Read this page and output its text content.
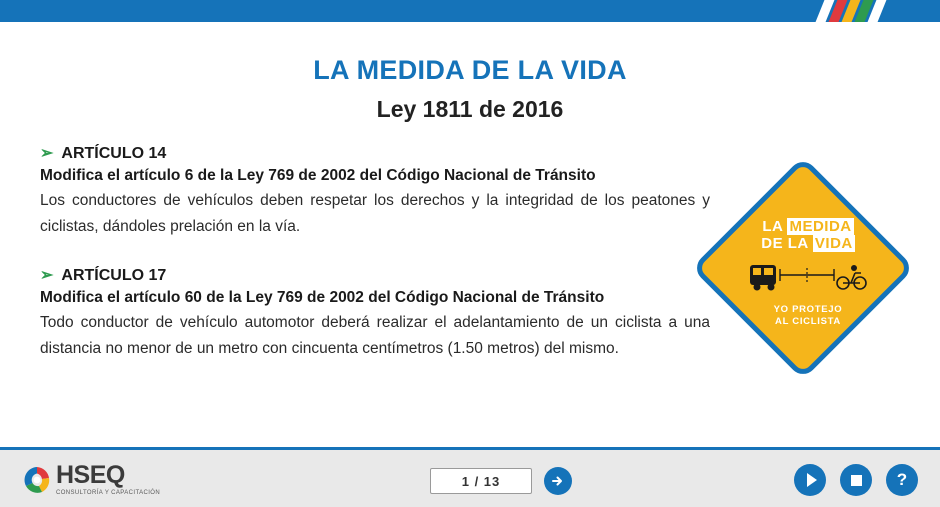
LA MEDIDA DE LA VIDA
Ley 1811 de 2016
➢ ARTÍCULO 14
Modifica el artículo 6 de la Ley 769 de 2002 del Código Nacional de Tránsito
Los conductores de vehículos deben respetar los derechos y la integridad de los peatones y ciclistas, dándoles prelación en la vía.
➢ ARTÍCULO 17
Modifica el artículo 60 de la Ley 769 de 2002 del Código Nacional de Tránsito
Todo conductor de vehículo automotor deberá realizar el adelantamiento de un ciclista a una distancia no menor de un metro con cincuenta centímetros (1.50 metros) del mismo.
LA MEDIDA
DE LA VIDA
YO PROTEJO
AL CICLISTA
HSEQ
CONSULTORÍA Y CAPACITACIÓN
1 / 13	?
